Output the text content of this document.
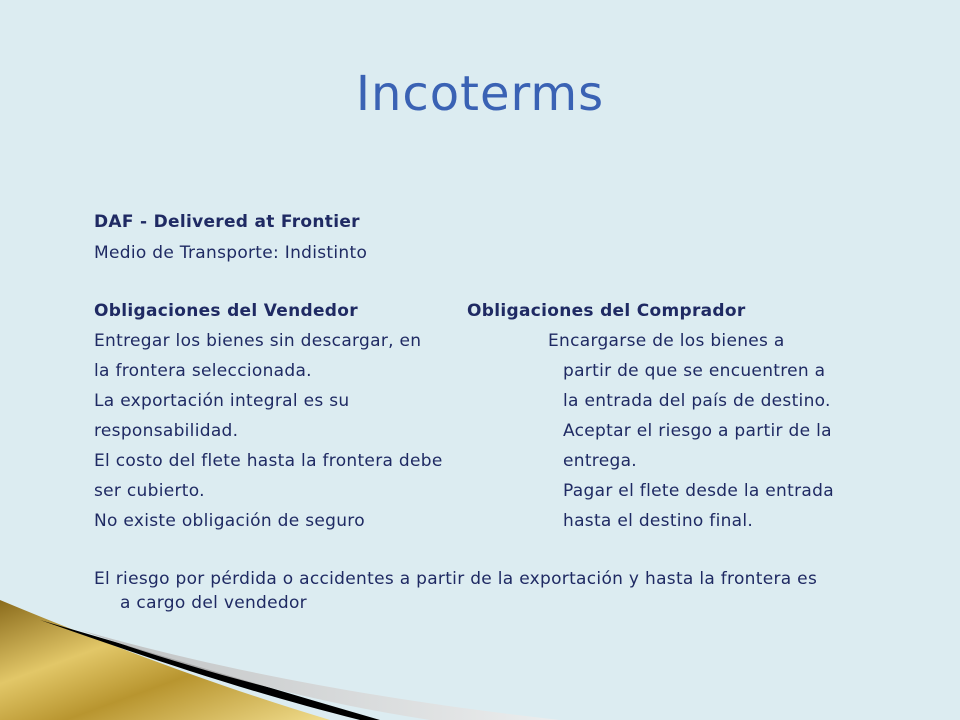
Incoterms
DAF - Delivered at Frontier
Medio de Transporte: Indistinto
Obligaciones del Vendedor	Obligaciones del Comprador
Entregar los bienes sin descargar, en
la frontera seleccionada.
La exportación integral es su
responsabilidad.
El costo del flete hasta la frontera debe
ser cubierto.
No existe obligación de seguro
Encargarse de los bienes a
partir de que se encuentren a
la entrada del país de destino.
Aceptar el riesgo a partir de la
entrega.
Pagar el flete desde la entrada
hasta el destino final.
El riesgo por pérdida o accidentes a partir de la exportación y hasta la frontera es
a cargo del vendedor
